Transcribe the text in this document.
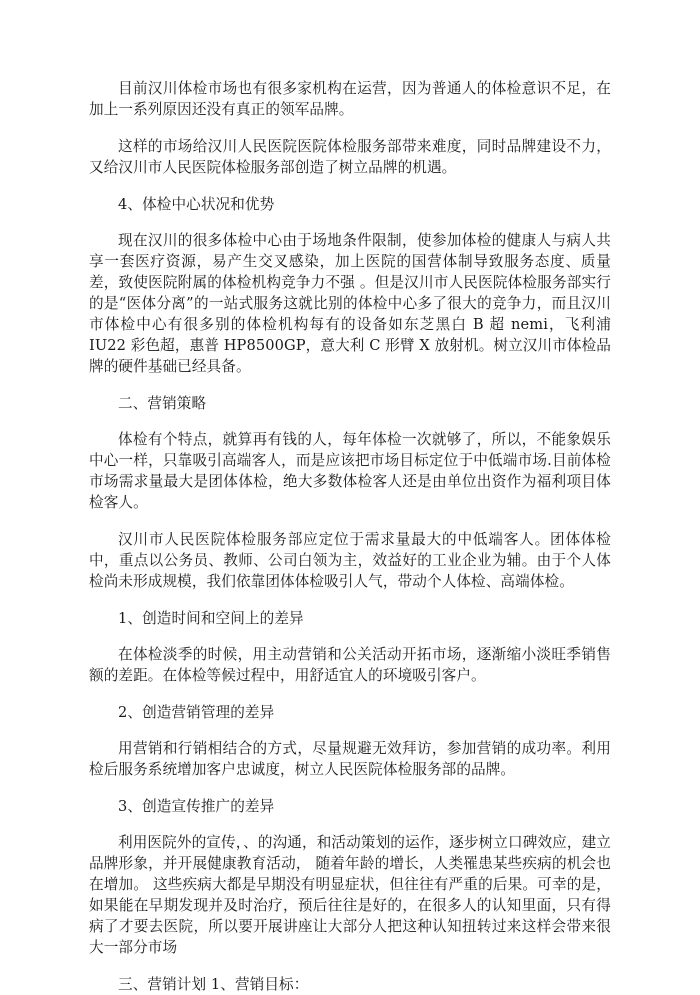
目前汉川体检市场也有很多家机构在运营，因为普通人的体检意识不足，在加上一系列原因还没有真正的领军品牌。

这样的市场给汉川人民医院医院体检服务部带来难度，同时品牌建设不力，又给汉川市人民医院体检服务部创造了树立品牌的机遇。

4、体检中心状况和优势

现在汉川的很多体检中心由于场地条件限制，使参加体检的健康人与病人共享一套医疗资源，易产生交叉感染，加上医院的国营体制导致服务态度、质量差，致使医院附属的体检机构竞争力不强 。但是汉川市人民医院体检服务部实行的是“医体分离”的一站式服务这就比别的体检中心多了很大的竞争力，而且汉川市体检中心有很多别的体检机构每有的设备如东芝黑白 B 超 nemi，飞利浦 IU22 彩色超，惠普 HP8500GP，意大利 C 形臂 X 放射机。树立汉川市体检品牌的硬件基础已经具备。

二、营销策略

体检有个特点，就算再有钱的人，每年体检一次就够了，所以，不能象娱乐中心一样，只靠吸引高端客人，而是应该把市场目标定位于中低端市场.目前体检市场需求量最大是团体体检，绝大多数体检客人还是由单位出资作为福利项目体检客人。

汉川市人民医院体检服务部应定位于需求量最大的中低端客人。团体体检中，重点以公务员、教师、公司白领为主，效益好的工业企业为辅。由于个人体检尚未形成规模，我们依靠团体体检吸引人气，带动个人体检、高端体检。

1、创造时间和空间上的差异

在体检淡季的时候，用主动营销和公关活动开拓市场，逐渐缩小淡旺季销售额的差距。在体检等候过程中，用舒适宜人的环境吸引客户。

2、创造营销管理的差异

用营销和行销相结合的方式，尽量规避无效拜访，参加营销的成功率。利用检后服务系统增加客户忠诚度，树立人民医院体检服务部的品牌。

3、创造宣传推广的差异

利用医院外的宣传，、的沟通，和活动策划的运作，逐步树立口碑效应，建立品牌形象，并开展健康教育活动， 随着年龄的增长，人类罹患某些疾病的机会也在增加。 这些疾病大都是早期没有明显症状，但往往有严重的后果。可幸的是，如果能在早期发现并及时治疗，预后往往是好的，在很多人的认知里面，只有得病了才要去医院，所以要开展讲座让大部分人把这种认知扭转过来这样会带来很大一部分市场

三、营销计划 1、营销目标：
